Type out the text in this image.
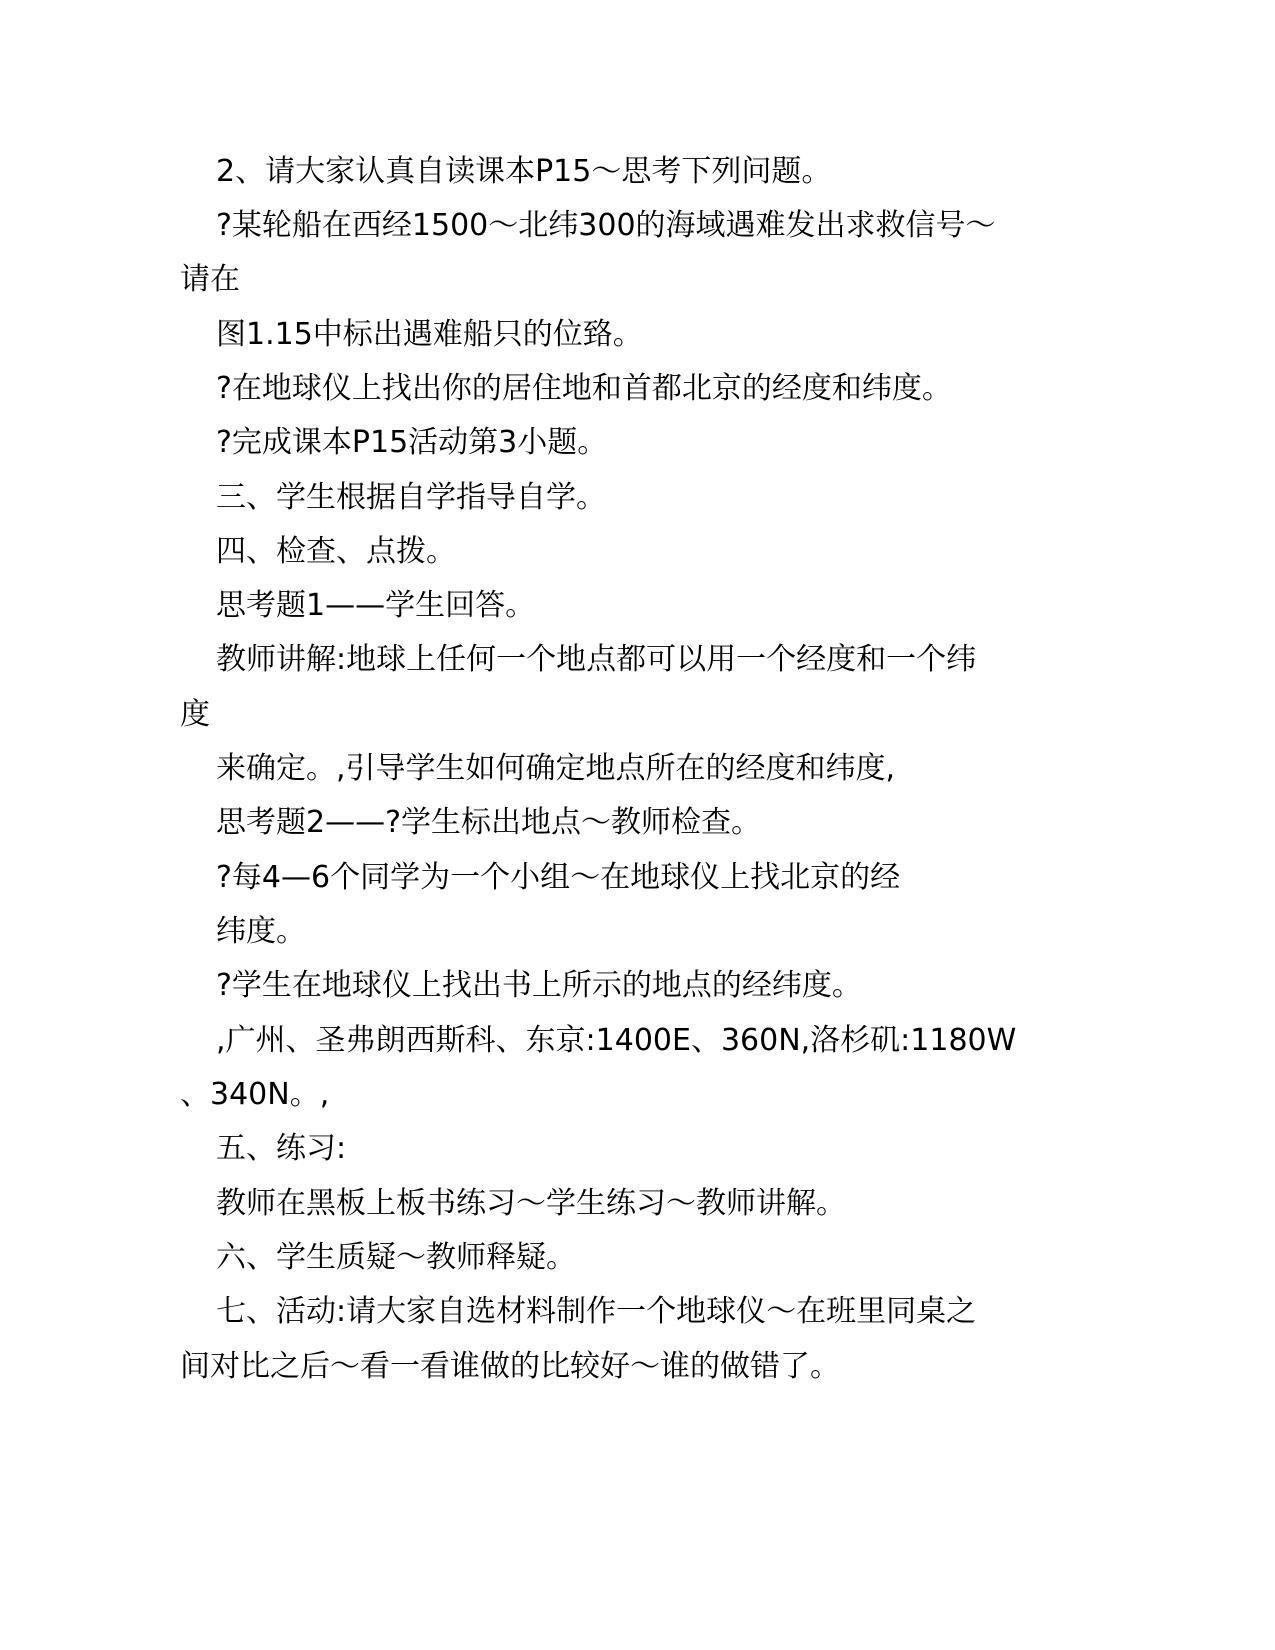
2、请大家认真自读课本P15～思考下列问题。
?某轮船在西经1500～北纬300的海域遇难发出求救信号～
请在
图1.15中标出遇难船只的位臵。
?在地球仪上找出你的居住地和首都北京的经度和纬度。
?完成课本P15活动第3小题。
三、学生根据自学指导自学。
四、检查、点拨。
思考题1——学生回答。
教师讲解:地球上任何一个地点都可以用一个经度和一个纬
度
来确定。,引导学生如何确定地点所在的经度和纬度,
思考题2——?学生标出地点～教师检查。
?每4—6个同学为一个小组～在地球仪上找北京的经
纬度。
?学生在地球仪上找出书上所示的地点的经纬度。
,广州、圣弗朗西斯科、东京:1400E、360N,洛杉矶:1180W
、340N。,
五、练习:
教师在黑板上板书练习～学生练习～教师讲解。
六、学生质疑～教师释疑。
七、活动:请大家自选材料制作一个地球仪～在班里同桌之
间对比之后～看一看谁做的比较好～谁的做错了。
